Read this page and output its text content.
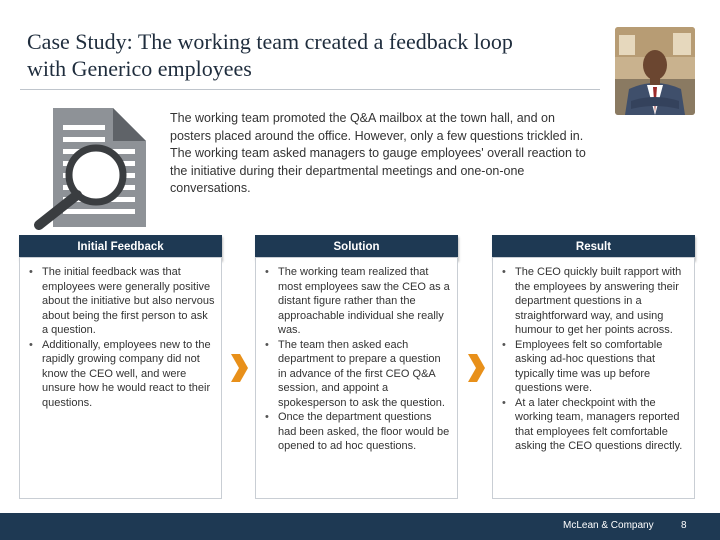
Case Study: The working team created a feedback loop
with Generico employees
The working team promoted the Q&A mailbox at the town hall, and on posters placed around the office. However, only a few questions trickled in. The working team asked managers to gauge employees' overall reaction to the initiative during their departmental meetings and one-on-one conversations.
Initial Feedback	Solution	Result
• The initial feedback was that employees were generally positive about the initiative but also nervous about being the first person to ask a question.
• Additionally, employees new to the rapidly growing company did not know the CEO well, and were unsure how he would react to their questions.
• The working team realized that most employees saw the CEO as a distant figure rather than the approachable individual she really was.
• The team then asked each department to prepare a question in advance of the first CEO Q&A session, and appoint a spokesperson to ask the question.
• Once the department questions had been asked, the floor would be opened to ad hoc questions.
• The CEO quickly built rapport with the employees by answering their department questions in a straightforward way, and using humour to get her points across.
• Employees felt so comfortable asking ad-hoc questions that typically time was up before questions were.
• At a later checkpoint with the working team, managers reported that employees felt comfortable asking the CEO questions directly.
McLean & Company	8
